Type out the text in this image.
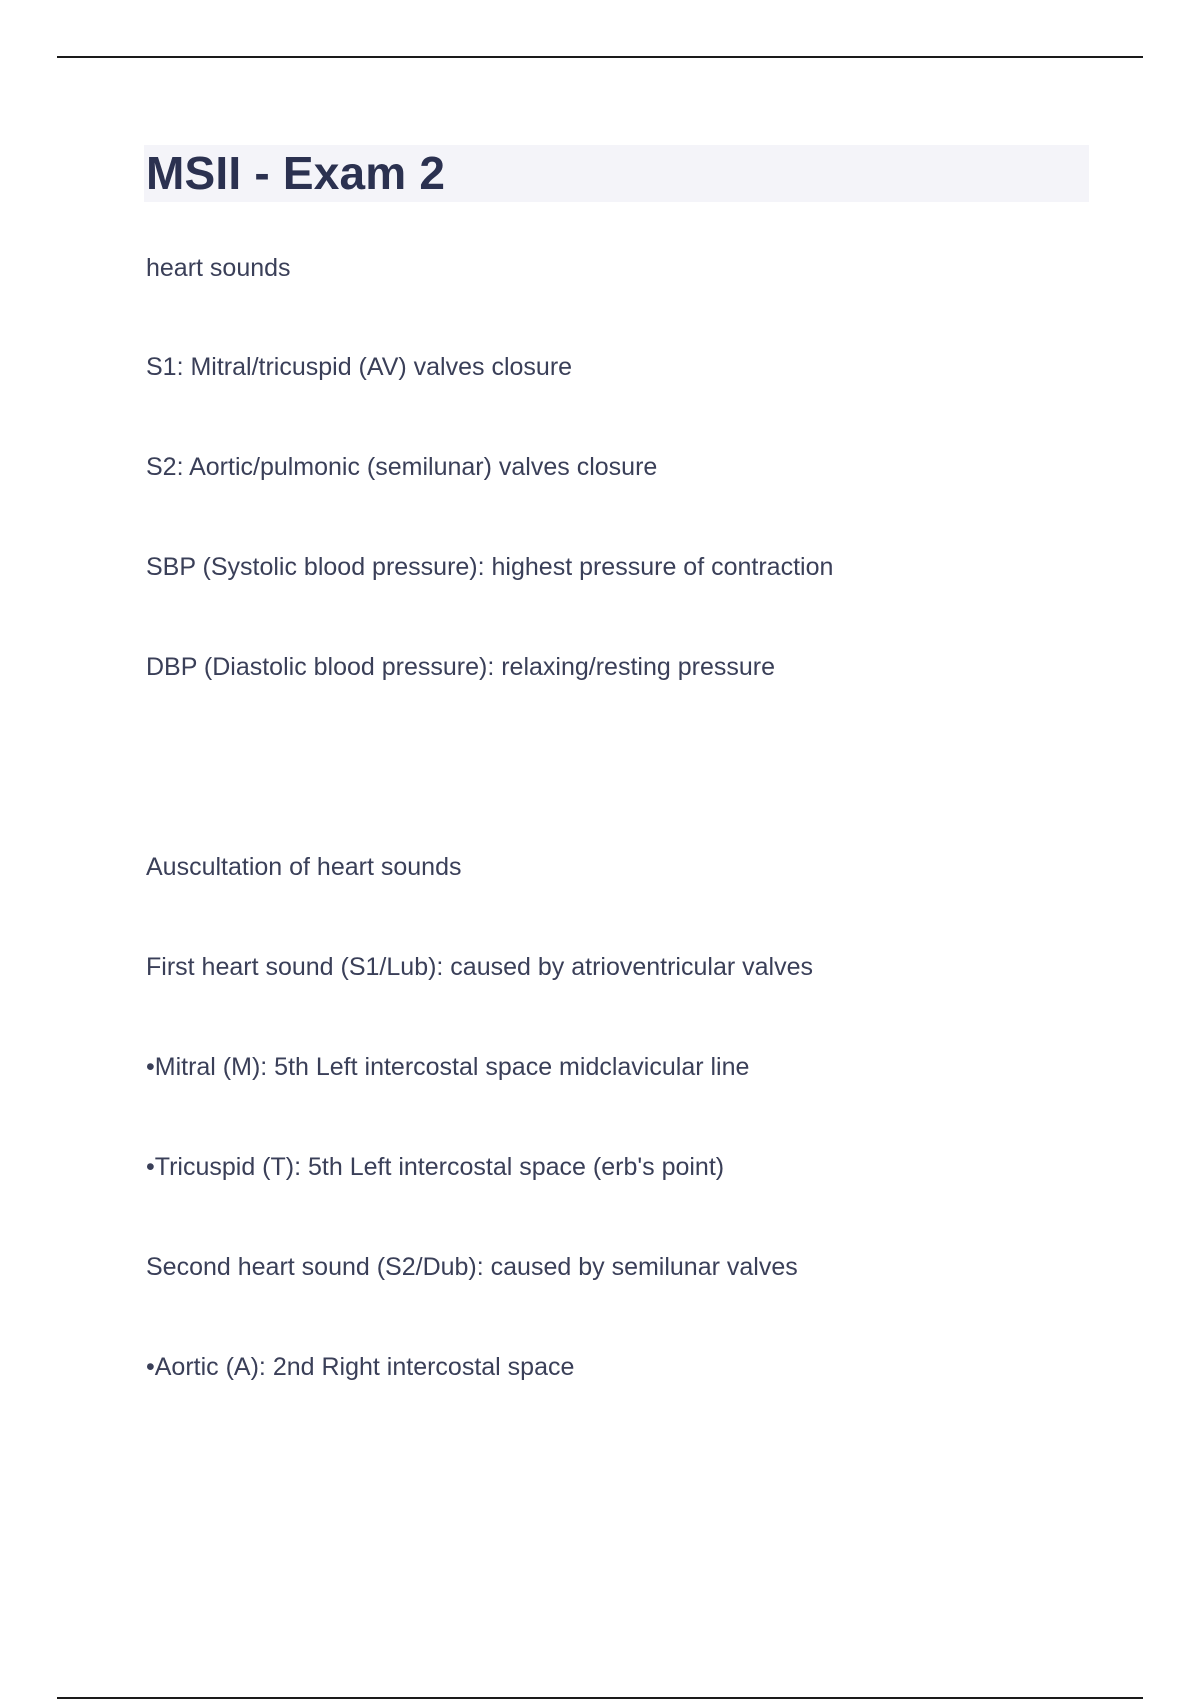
MSII - Exam 2

heart sounds

S1: Mitral/tricuspid (AV) valves closure

S2: Aortic/pulmonic (semilunar) valves closure

SBP (Systolic blood pressure): highest pressure of contraction

DBP (Diastolic blood pressure): relaxing/resting pressure

Auscultation of heart sounds

First heart sound (S1/Lub): caused by atrioventricular valves

•Mitral (M): 5th Left intercostal space midclavicular line

•Tricuspid (T): 5th Left intercostal space (erb's point)

Second heart sound (S2/Dub): caused by semilunar valves

•Aortic (A): 2nd Right intercostal space
